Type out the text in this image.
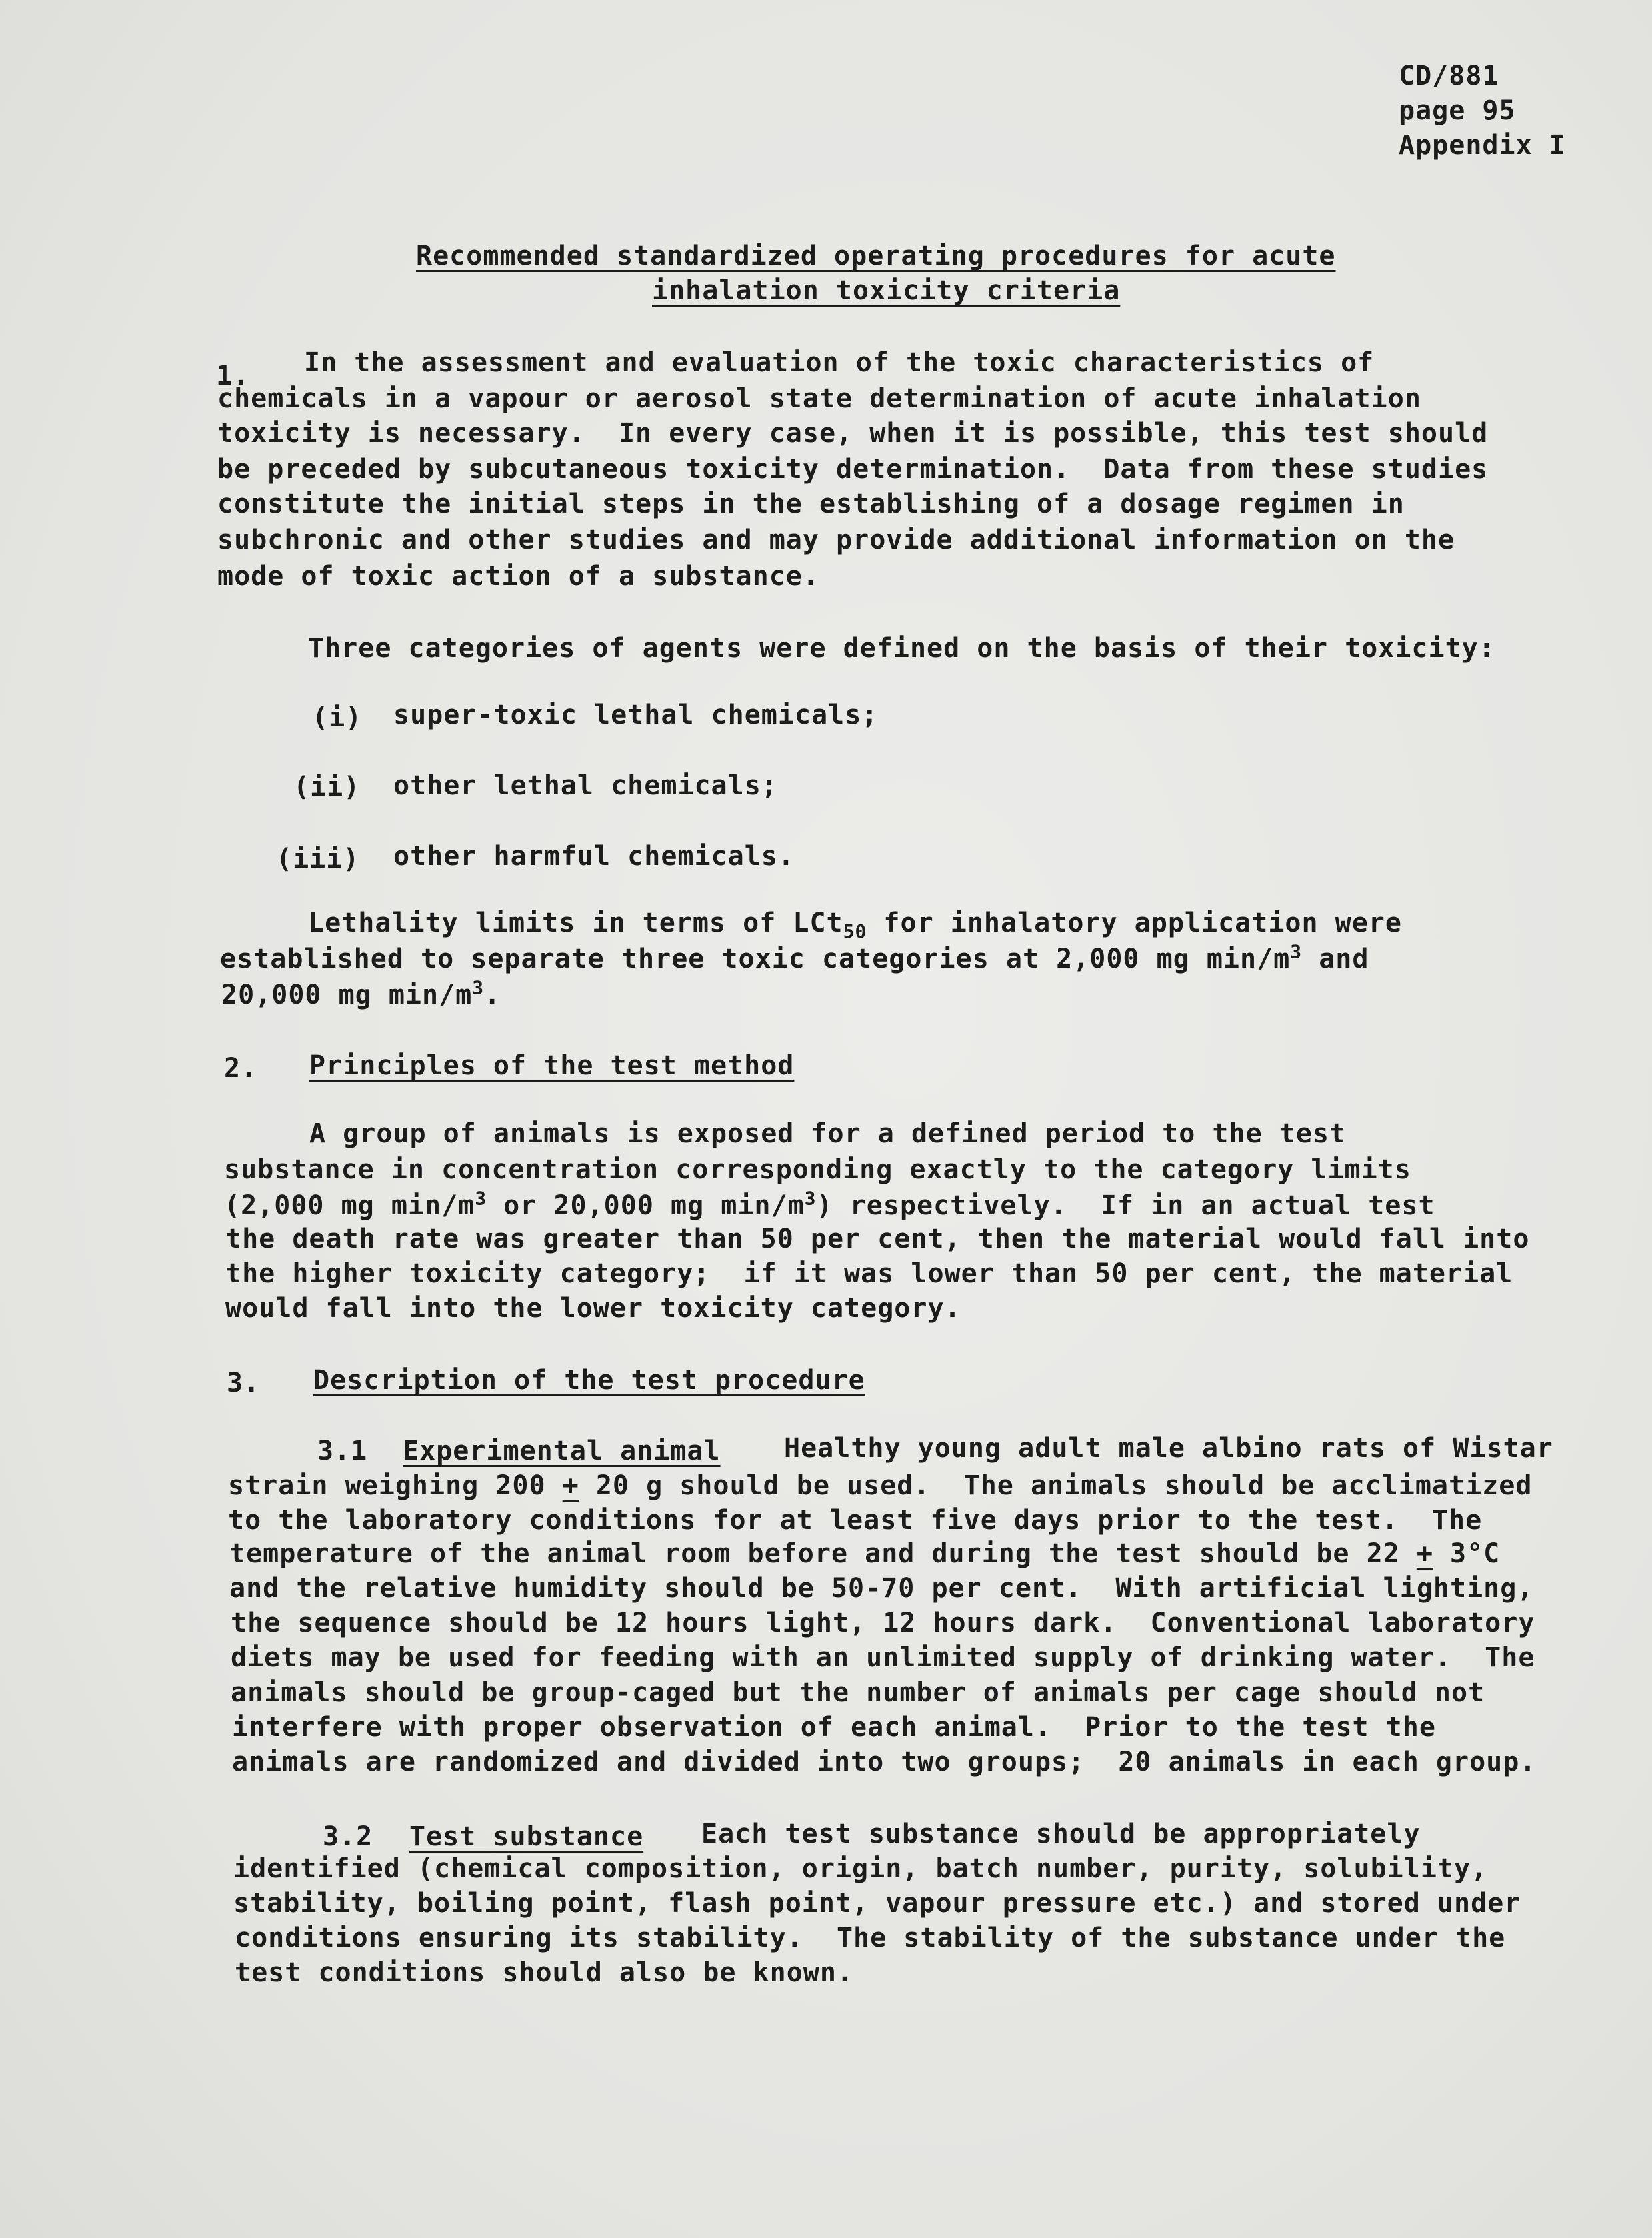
CD/881
page 95
Appendix I
Recommended standardized operating procedures for acute
inhalation toxicity criteria
1. In the assessment and evaluation of the toxic characteristics of
chemicals in a vapour or aerosol state determination of acute inhalation
toxicity is necessary.  In every case, when it is possible, this test should
be preceded by subcutaneous toxicity determination.  Data from these studies
constitute the initial steps in the establishing of a dosage regimen in
subchronic and other studies and may provide additional information on the
mode of toxic action of a substance.
Three categories of agents were defined on the basis of their toxicity:
(i) super-toxic lethal chemicals;
(ii) other lethal chemicals;
(iii) other harmful chemicals.
Lethality limits in terms of LCt$_{50}$ for inhalatory application were
established to separate three toxic categories at 2,000 mg $\min/m^3$ and
20,000 mg $\min/m^3$.
2. Principles of the test method
A group of animals is exposed for a defined period to the test
substance in concentration corresponding exactly to the category limits
(2,000 mg $\min/m^3$ or 20,000 mg $\min/m^3$) respectively.  If in an actual test
the death rate was greater than 50 per cent, then the material would fall into
the higher toxicity category;  if it was lower than 50 per cent, the material
would fall into the lower toxicity category.
3. Description of the test procedure
3.1 Experimental animal Healthy young adult male albino rats of Wistar
strain weighing 200 + 20 g should be used.  The animals should be acclimatized
to the laboratory conditions for at least five days prior to the test.  The
temperature of the animal room before and during the test should be 22 + 3°C
and the relative humidity should be 50-70 per cent.  With artificial lighting,
the sequence should be 12 hours light, 12 hours dark.  Conventional laboratory
diets may be used for feeding with an unlimited supply of drinking water.  The
animals should be group-caged but the number of animals per cage should not
interfere with proper observation of each animal.  Prior to the test the
animals are randomized and divided into two groups;  20 animals in each group.
3.2 Test substance Each test substance should be appropriately
identified (chemical composition, origin, batch number, purity, solubility,
stability, boiling point, flash point, vapour pressure etc.) and stored under
conditions ensuring its stability.  The stability of the substance under the
test conditions should also be known.
